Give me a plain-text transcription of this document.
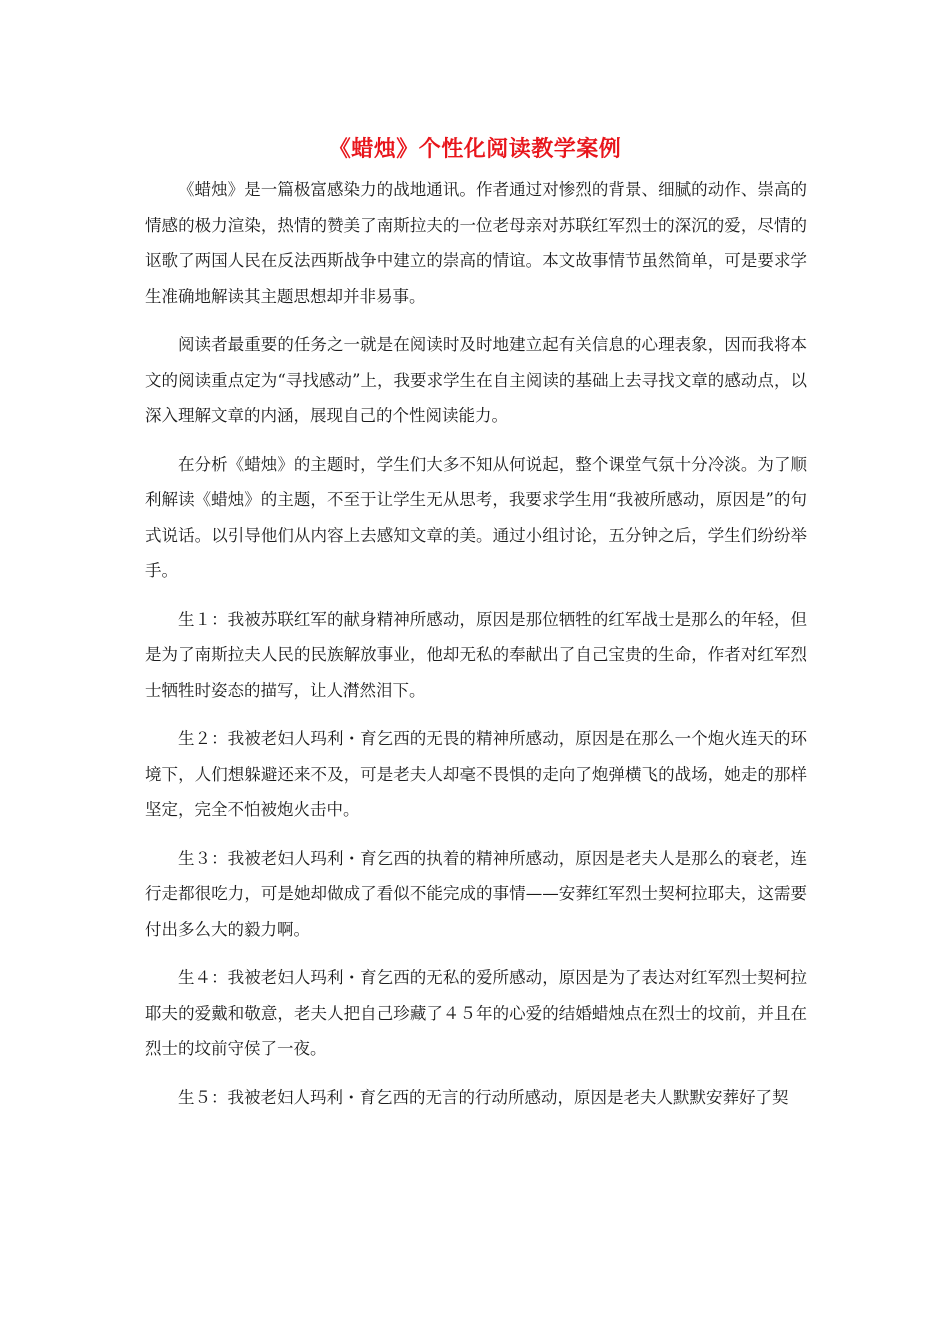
《蜡烛》个性化阅读教学案例

《蜡烛》是一篇极富感染力的战地通讯。作者通过对惨烈的背景、细腻的动作、崇高的情感的极力渲染，热情的赞美了南斯拉夫的一位老母亲对苏联红军烈士的深沉的爱，尽情的讴歌了两国人民在反法西斯战争中建立的崇高的情谊。本文故事情节虽然简单，可是要求学生准确地解读其主题思想却并非易事。

阅读者最重要的任务之一就是在阅读时及时地建立起有关信息的心理表象，因而我将本文的阅读重点定为“寻找感动”上，我要求学生在自主阅读的基础上去寻找文章的感动点，以深入理解文章的内涵，展现自己的个性阅读能力。

在分析《蜡烛》的主题时，学生们大多不知从何说起，整个课堂气氛十分冷淡。为了顺利解读《蜡烛》的主题，不至于让学生无从思考，我要求学生用“我被所感动，原因是”的句式说话。以引导他们从内容上去感知文章的美。通过小组讨论，五分钟之后，学生们纷纷举手。

生１：我被苏联红军的献身精神所感动，原因是那位牺牲的红军战士是那么的年轻，但是为了南斯拉夫人民的民族解放事业，他却无私的奉献出了自己宝贵的生命，作者对红军烈士牺牲时姿态的描写，让人潸然泪下。

生２：我被老妇人玛利・育乞西的无畏的精神所感动，原因是在那么一个炮火连天的环境下，人们想躲避还来不及，可是老夫人却毫不畏惧的走向了炮弹横飞的战场，她走的那样坚定，完全不怕被炮火击中。

生３：我被老妇人玛利・育乞西的执着的精神所感动，原因是老夫人是那么的衰老，连行走都很吃力，可是她却做成了看似不能完成的事情——安葬红军烈士契柯拉耶夫，这需要付出多么大的毅力啊。

生４：我被老妇人玛利・育乞西的无私的爱所感动，原因是为了表达对红军烈士契柯拉耶夫的爱戴和敬意，老夫人把自己珍藏了４５年的心爱的结婚蜡烛点在烈士的坟前，并且在烈士的坟前守侯了一夜。

生５：我被老妇人玛利・育乞西的无言的行动所感动，原因是老夫人默默安葬好了契
